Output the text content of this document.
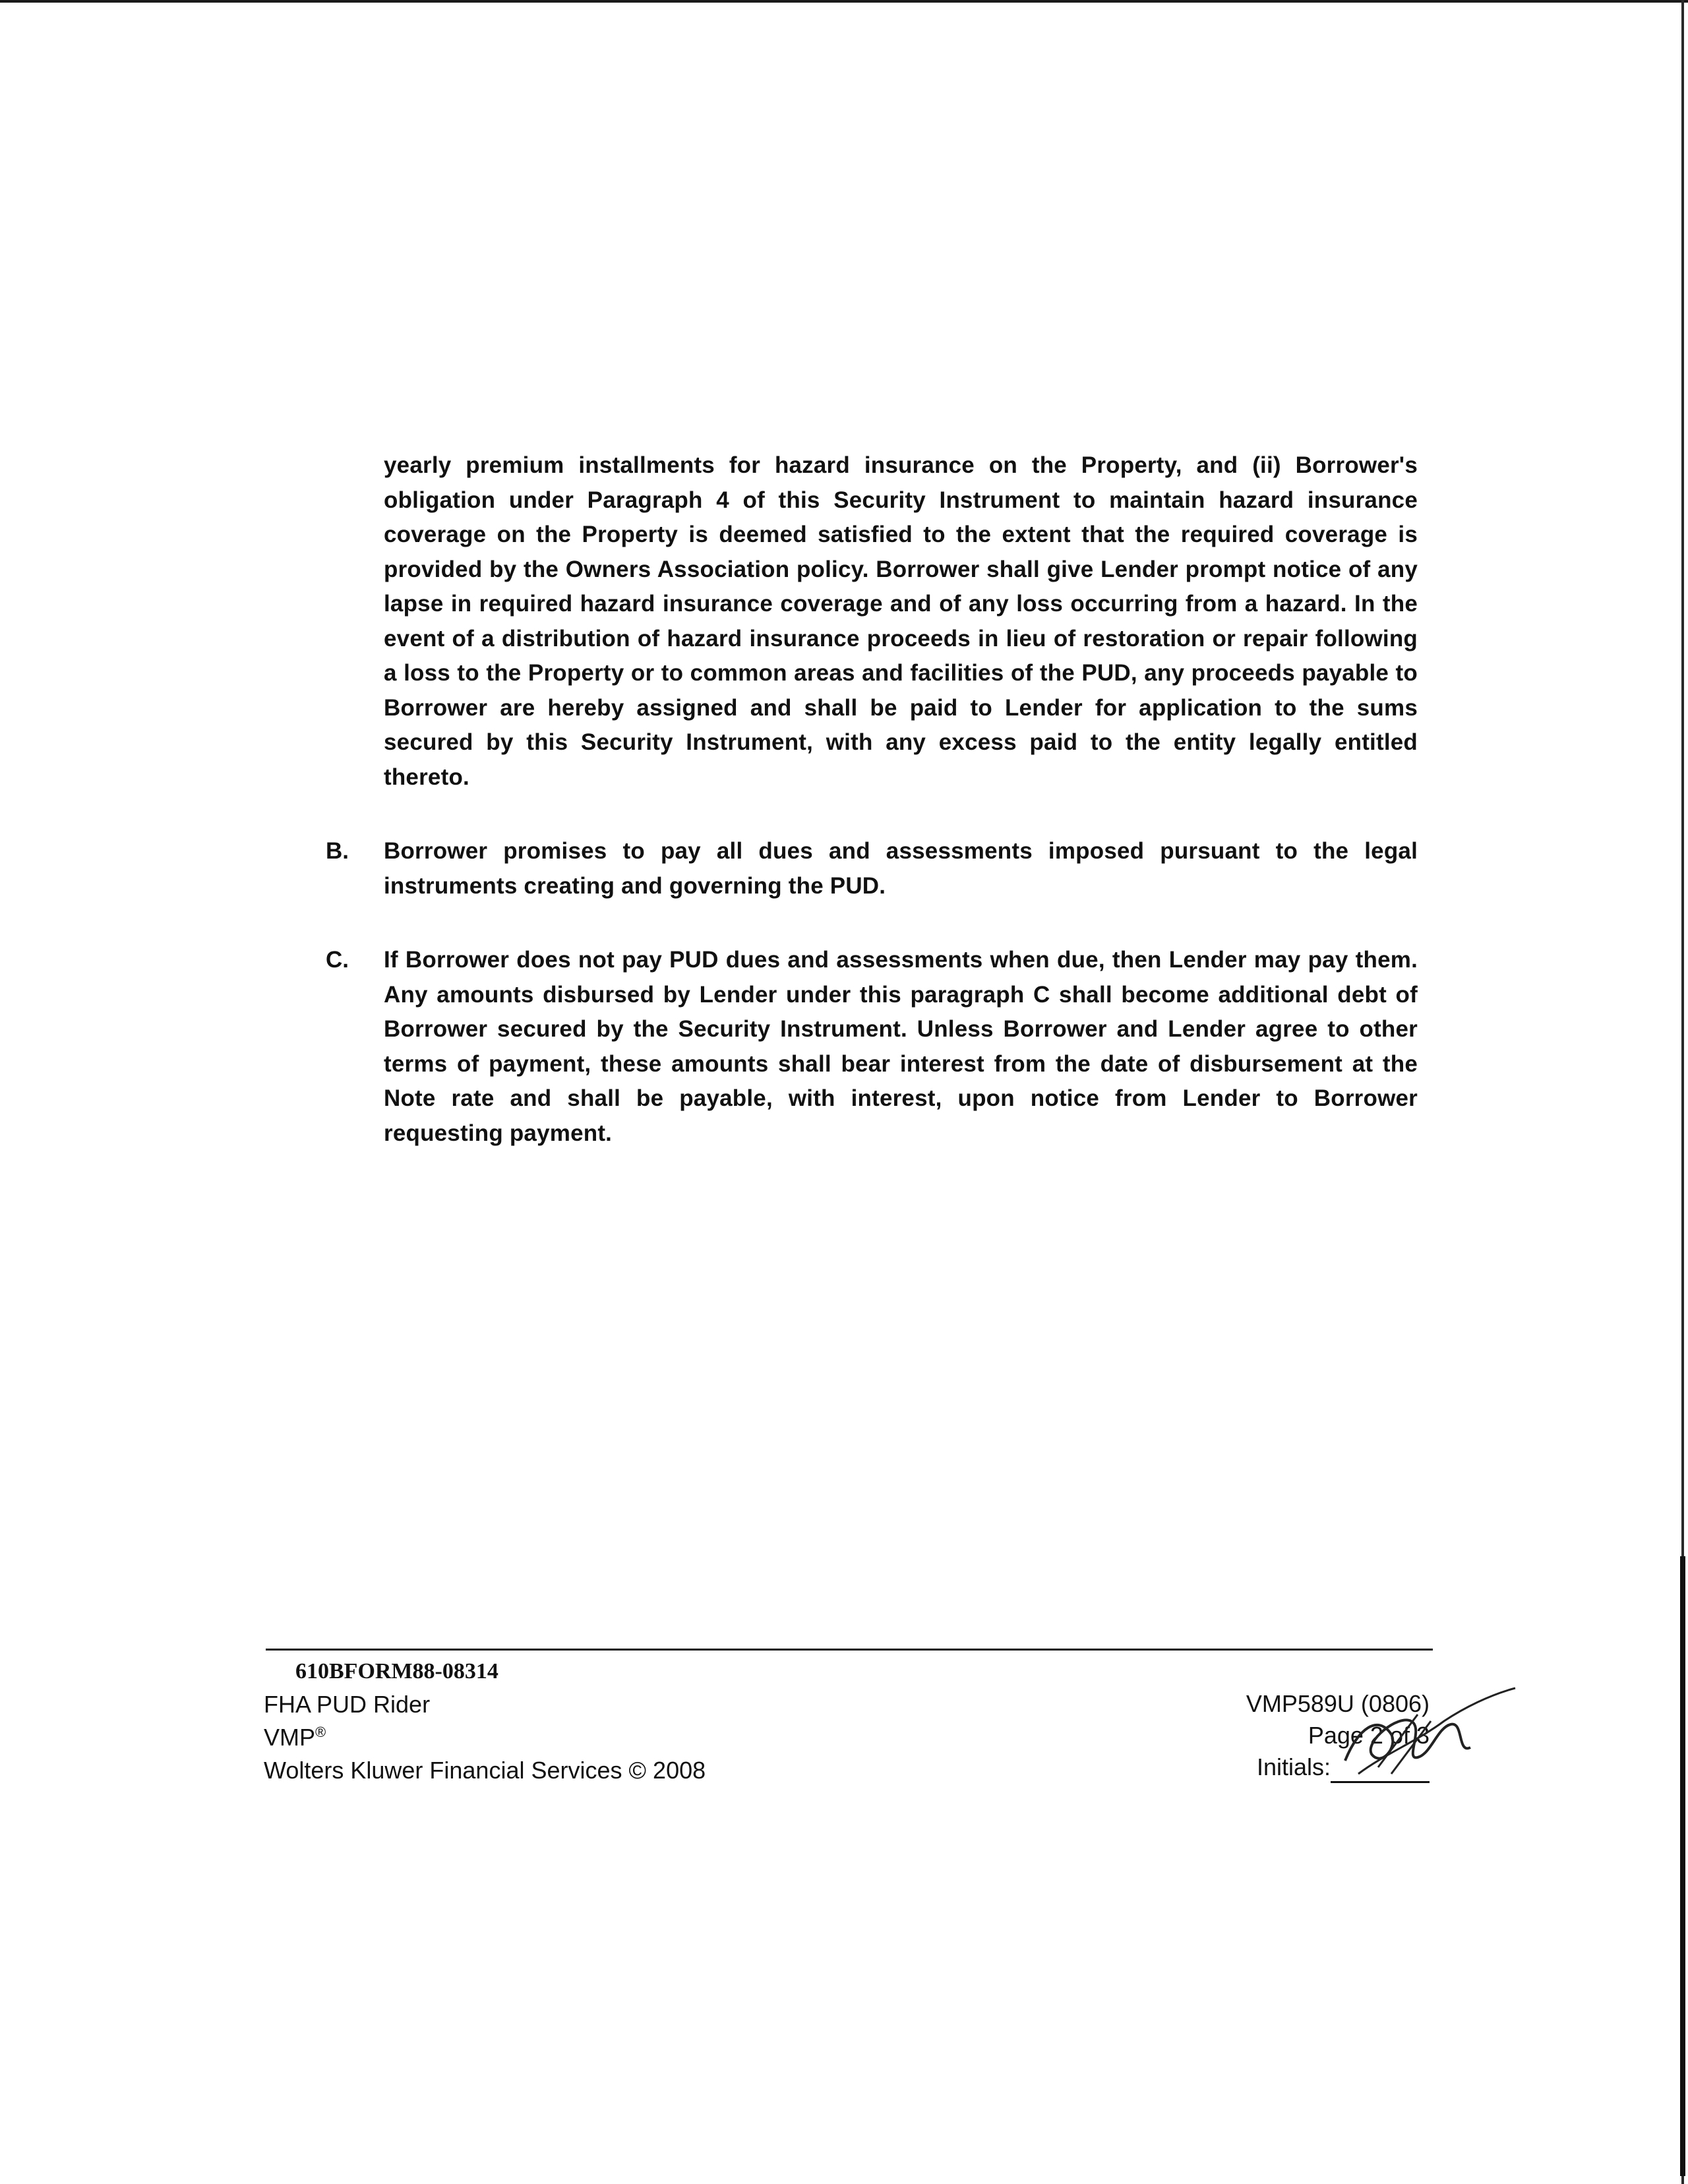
yearly premium installments for hazard insurance on the Property, and (ii) Borrower's obligation under Paragraph 4 of this Security Instrument to maintain hazard insurance coverage on the Property is deemed satisfied to the extent that the required coverage is provided by the Owners Association policy. Borrower shall give Lender prompt notice of any lapse in required hazard insurance coverage and of any loss occurring from a hazard. In the event of a distribution of hazard insurance proceeds in lieu of restoration or repair following a loss to the Property or to common areas and facilities of the PUD, any proceeds payable to Borrower are hereby assigned and shall be paid to Lender for application to the sums secured by this Security Instrument, with any excess paid to the entity legally entitled thereto.

B. Borrower promises to pay all dues and assessments imposed pursuant to the legal instruments creating and governing the PUD.

C. If Borrower does not pay PUD dues and assessments when due, then Lender may pay them. Any amounts disbursed by Lender under this paragraph C shall become additional debt of Borrower secured by the Security Instrument. Unless Borrower and Lender agree to other terms of payment, these amounts shall bear interest from the date of disbursement at the Note rate and shall be payable, with interest, upon notice from Lender to Borrower requesting payment.

610BFORM88-08314
FHA PUD Rider
VMP®
Wolters Kluwer Financial Services © 2008
VMP589U (0806)
Page 2 of 3
Initials:
